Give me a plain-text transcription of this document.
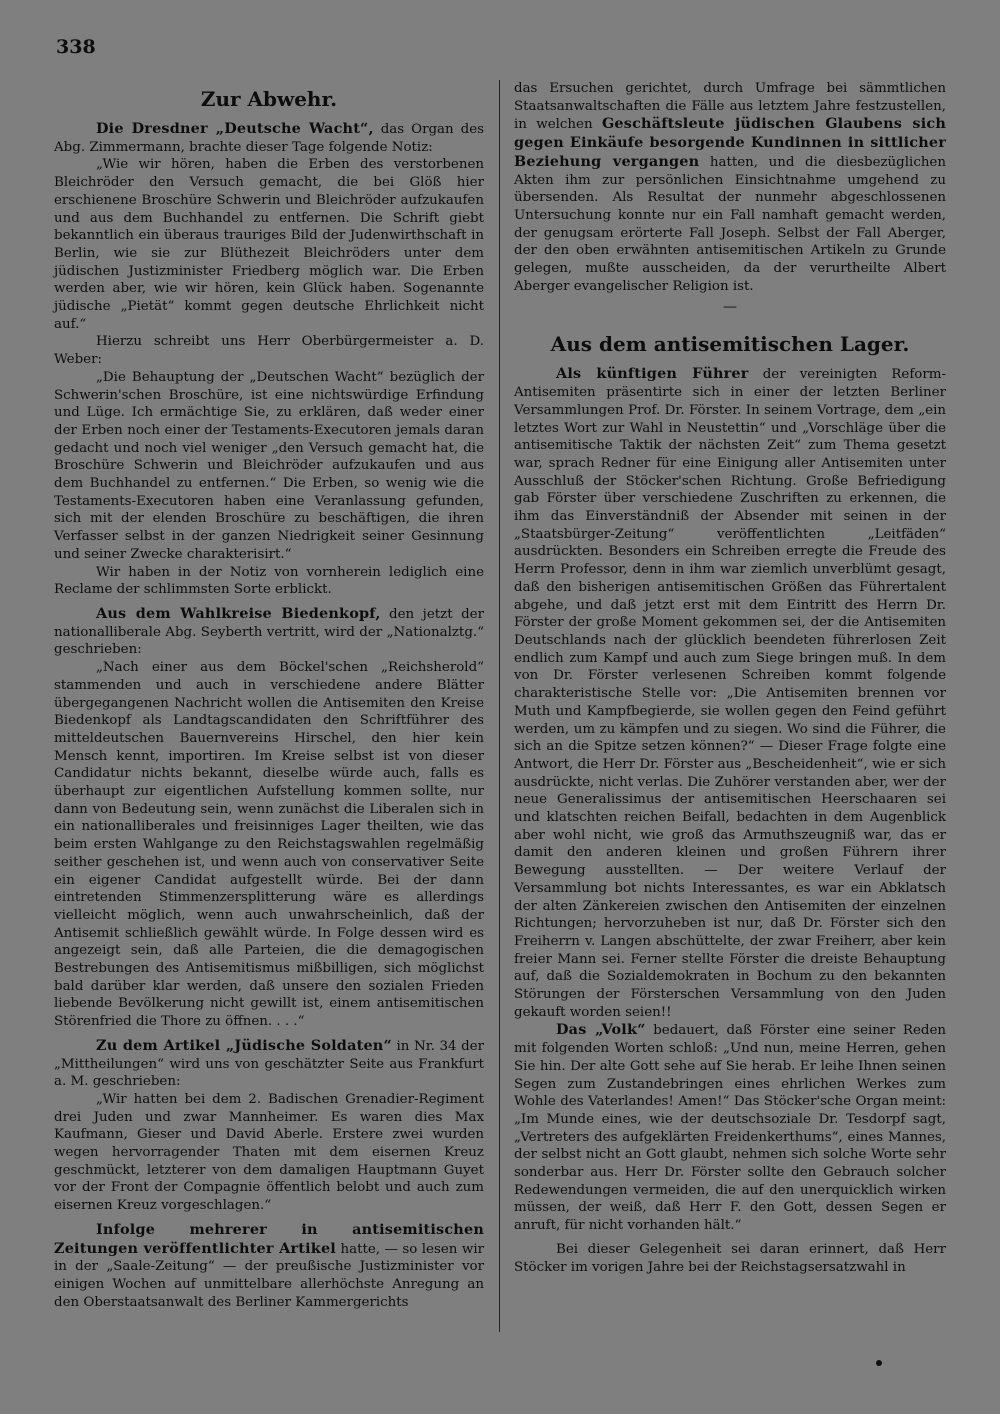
338
Zur Abwehr.

Die Dresdner „Deutsche Wacht“, das Organ des Abg. Zimmermann, brachte dieser Tage folgende Notiz:

„Wie wir hören, haben die Erben des verstorbenen Bleichröder den Versuch gemacht, die bei Glöß hier erschienene Broschüre Schwerin und Bleichröder aufzukaufen und aus dem Buchhandel zu entfernen. Die Schrift giebt bekanntlich ein überaus trauriges Bild der Judenwirthschaft in Berlin, wie sie zur Blüthezeit Bleichröders unter dem jüdischen Justizminister Friedberg möglich war. Die Erben werden aber, wie wir hören, kein Glück haben. Sogenannte jüdische „Pietät“ kommt gegen deutsche Ehrlichkeit nicht auf.“

Hierzu schreibt uns Herr Oberbürgermeister a. D. Weber:

„Die Behauptung der „Deutschen Wacht“ bezüglich der Schwerin'schen Broschüre, ist eine nichtswürdige Erfindung und Lüge. Ich ermächtige Sie, zu erklären, daß weder einer der Erben noch einer der Testaments-Executoren jemals daran gedacht und noch viel weniger „den Versuch gemacht hat, die Broschüre Schwerin und Bleichröder aufzukaufen und aus dem Buchhandel zu entfernen.“ Die Erben, so wenig wie die Testaments-Executoren haben eine Veranlassung gefunden, sich mit der elenden Broschüre zu beschäftigen, die ihren Verfasser selbst in der ganzen Niedrigkeit seiner Gesinnung und seiner Zwecke charakterisirt.“

Wir haben in der Notiz von vornherein lediglich eine Reclame der schlimmsten Sorte erblickt.

Aus dem Wahlkreise Biedenkopf, den jetzt der nationalliberale Abg. Seyberth vertritt, wird der „Nationalztg.“ geschrieben:

„Nach einer aus dem Böckel'schen „Reichsherold“ stammenden und auch in verschiedene andere Blätter übergegangenen Nachricht wollen die Antisemiten den Kreise Biedenkopf als Landtagscandidaten den Schriftführer des mitteldeutschen Bauernvereins Hirschel, den hier kein Mensch kennt, importiren. Im Kreise selbst ist von dieser Candidatur nichts bekannt, dieselbe würde auch, falls es überhaupt zur eigentlichen Aufstellung kommen sollte, nur dann von Bedeutung sein, wenn zunächst die Liberalen sich in ein nationalliberales und freisinniges Lager theilten, wie das beim ersten Wahlgange zu den Reichstagswahlen regelmäßig seither geschehen ist, und wenn auch von conservativer Seite ein eigener Candidat aufgestellt würde. Bei der dann eintretenden Stimmenzersplitterung wäre es allerdings vielleicht möglich, wenn auch unwahrscheinlich, daß der Antisemit schließlich gewählt würde. In Folge dessen wird es angezeigt sein, daß alle Parteien, die die demagogischen Bestrebungen des Antisemitismus mißbilligen, sich möglichst bald darüber klar werden, daß unsere den sozialen Frieden liebende Bevölkerung nicht gewillt ist, einem antisemitischen Störenfried die Thore zu öffnen. . . .“

Zu dem Artikel „Jüdische Soldaten“ in Nr. 34 der „Mittheilungen“ wird uns von geschätzter Seite aus Frankfurt a. M. geschrieben:

„Wir hatten bei dem 2. Badischen Grenadier-Regiment drei Juden und zwar Mannheimer. Es waren dies Max Kaufmann, Gieser und David Aberle. Erstere zwei wurden wegen hervorragender Thaten mit dem eisernen Kreuz geschmückt, letzterer von dem damaligen Hauptmann Guyet vor der Front der Compagnie öffentlich belobt und auch zum eisernen Kreuz vorgeschlagen.“

Infolge mehrerer in antisemitischen Zeitungen veröffentlichter Artikel hatte, — so lesen wir in der „Saale-Zeitung“ — der preußische Justizminister vor einigen Wochen auf unmittelbare allerhöchste Anregung an den Oberstaatsanwalt des Berliner Kammergerichts

das Ersuchen gerichtet, durch Umfrage bei sämmtlichen Staatsanwaltschaften die Fälle aus letztem Jahre festzustellen, in welchen Geschäftsleute jüdischen Glaubens sich gegen Einkäufe besorgende Kundinnen in sittlicher Beziehung vergangen hatten, und die diesbezüglichen Akten ihm zur persönlichen Einsichtnahme umgehend zu übersenden. Als Resultat der nunmehr abgeschlossenen Untersuchung konnte nur ein Fall namhaft gemacht werden, der genugsam erörterte Fall Joseph. Selbst der Fall Aberger, der den oben erwähnten antisemitischen Artikeln zu Grunde gelegen, mußte ausscheiden, da der verurtheilte Albert Aberger evangelischer Religion ist.

—
Aus dem antisemitischen Lager.

Als künftigen Führer der vereinigten Reform-Antisemiten präsentirte sich in einer der letzten Berliner Versammlungen Prof. Dr. Förster. In seinem Vortrage, dem „ein letztes Wort zur Wahl in Neustettin“ und „Vorschläge über die antisemitische Taktik der nächsten Zeit“ zum Thema gesetzt war, sprach Redner für eine Einigung aller Antisemiten unter Ausschluß der Stöcker'schen Richtung. Große Befriedigung gab Förster über verschiedene Zuschriften zu erkennen, die ihm das Einverständniß der Absender mit seinen in der „Staatsbürger-Zeitung“ veröffentlichten „Leitfäden“ ausdrückten. Besonders ein Schreiben erregte die Freude des Herrn Professor, denn in ihm war ziemlich unverblümt gesagt, daß den bisherigen antisemitischen Größen das Führertalent abgehe, und daß jetzt erst mit dem Eintritt des Herrn Dr. Förster der große Moment gekommen sei, der die Antisemiten Deutschlands nach der glücklich beendeten führerlosen Zeit endlich zum Kampf und auch zum Siege bringen muß. In dem von Dr. Förster verlesenen Schreiben kommt folgende charakteristische Stelle vor: „Die Antisemiten brennen vor Muth und Kampfbegierde, sie wollen gegen den Feind geführt werden, um zu kämpfen und zu siegen. Wo sind die Führer, die sich an die Spitze setzen können?“ — Dieser Frage folgte eine Antwort, die Herr Dr. Förster aus „Bescheidenheit“, wie er sich ausdrückte, nicht verlas. Die Zuhörer verstanden aber, wer der neue Generalissimus der antisemitischen Heerschaaren sei und klatschten reichen Beifall, bedachten in dem Augenblick aber wohl nicht, wie groß das Armuthszeugniß war, das er damit den anderen kleinen und großen Führern ihrer Bewegung ausstellten. — Der weitere Verlauf der Versammlung bot nichts Interessantes, es war ein Abklatsch der alten Zänkereien zwischen den Antisemiten der einzelnen Richtungen; hervorzuheben ist nur, daß Dr. Förster sich den Freiherrn v. Langen abschüttelte, der zwar Freiherr, aber kein freier Mann sei. Ferner stellte Förster die dreiste Behauptung auf, daß die Sozialdemokraten in Bochum zu den bekannten Störungen der Försterschen Versammlung von den Juden gekauft worden seien!!

Das „Volk“ bedauert, daß Förster eine seiner Reden mit folgenden Worten schloß: „Und nun, meine Herren, gehen Sie hin. Der alte Gott sehe auf Sie herab. Er leihe Ihnen seinen Segen zum Zustandebringen eines ehrlichen Werkes zum Wohle des Vaterlandes! Amen!“ Das Stöcker'sche Organ meint: „Im Munde eines, wie der deutschsoziale Dr. Tesdorpf sagt, „Vertreters des aufgeklärten Freidenkerthums“, eines Mannes, der selbst nicht an Gott glaubt, nehmen sich solche Worte sehr sonderbar aus. Herr Dr. Förster sollte den Gebrauch solcher Redewendungen vermeiden, die auf den unerquicklich wirken müssen, der weiß, daß Herr F. den Gott, dessen Segen er anruft, für nicht vorhanden hält.“

Bei dieser Gelegenheit sei daran erinnert, daß Herr Stöcker im vorigen Jahre bei der Reichstagsersatzwahl in
